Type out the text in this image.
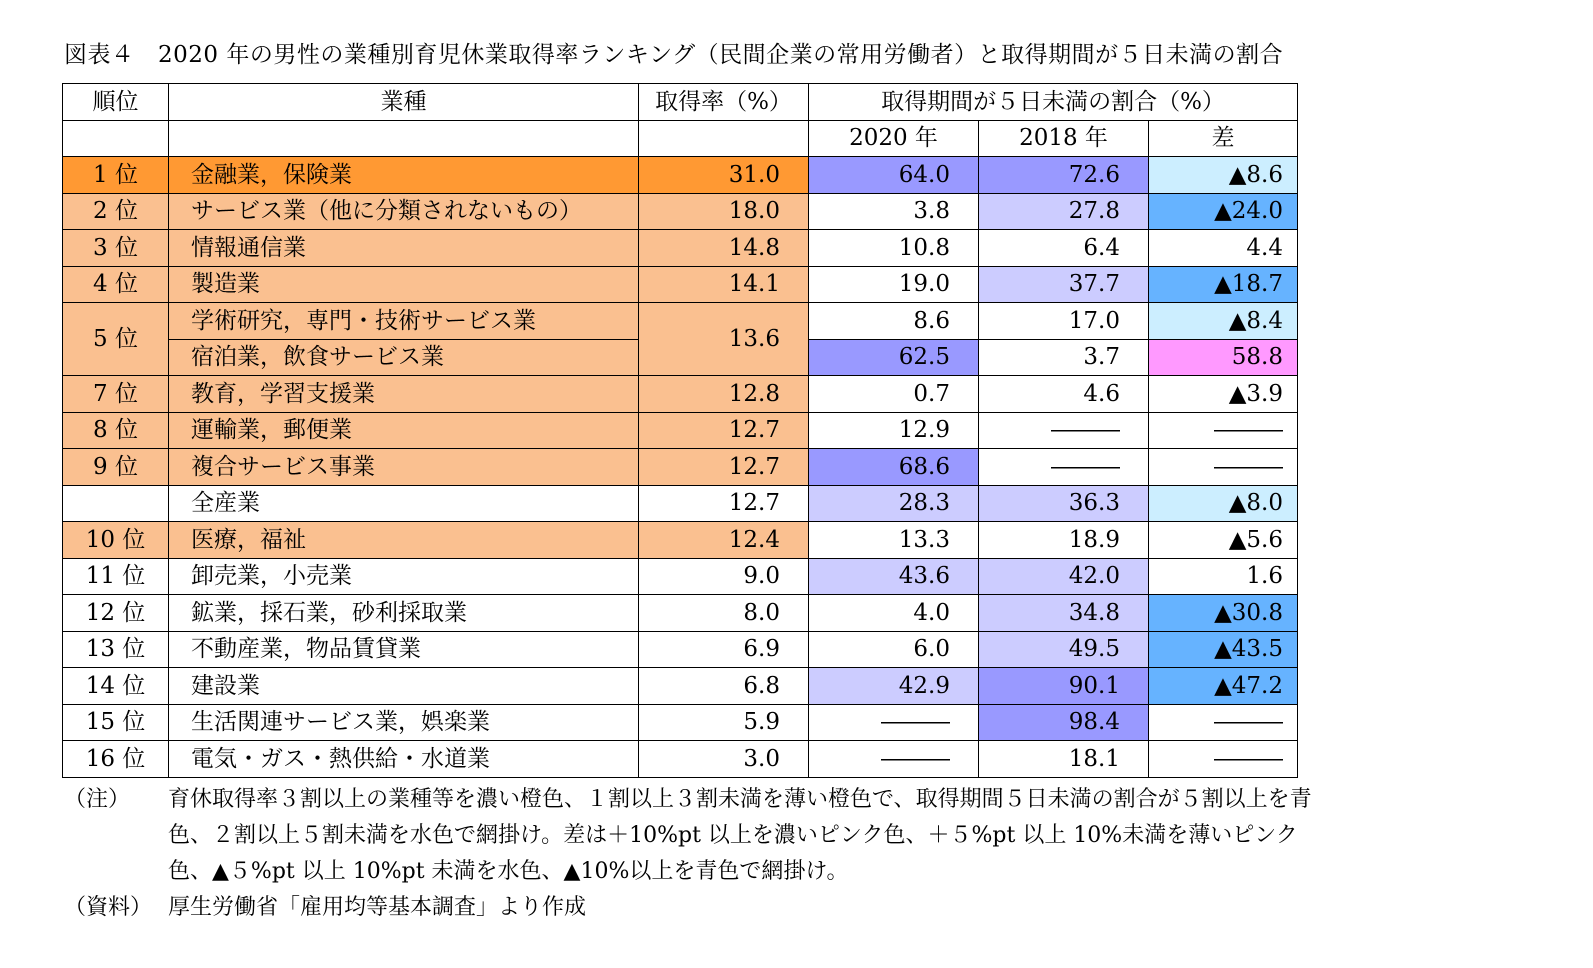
図表４　2020 年の男性の業種別育児休業取得率ランキング（民間企業の常用労働者）と取得期間が５日未満の割合
順位	業種	取得率（%）	取得期間が５日未満の割合（%）		
			2020 年	2018 年	差
1 位	金融業，保険業	31.0	64.0	72.6	▲8.6
2 位	サービス業（他に分類されないもの）	18.0	3.8	27.8	▲24.0
3 位	情報通信業	14.8	10.8	6.4	4.4
4 位	製造業	14.1	19.0	37.7	▲18.7
5 位	学術研究，専門・技術サービス業	13.6	8.6	17.0	▲8.4
	宿泊業，飲食サービス業		62.5	3.7	58.8
7 位	教育，学習支援業	12.8	0.7	4.6	▲3.9
8 位	運輸業，郵便業	12.7	12.9	―――	―――
9 位	複合サービス事業	12.7	68.6	―――	―――
	全産業	12.7	28.3	36.3	▲8.0
10 位	医療，福祉	12.4	13.3	18.9	▲5.6
11 位	卸売業，小売業	9.0	43.6	42.0	1.6
12 位	鉱業，採石業，砂利採取業	8.0	4.0	34.8	▲30.8
13 位	不動産業，物品賃貸業	6.9	6.0	49.5	▲43.5
14 位	建設業	6.8	42.9	90.1	▲47.2
15 位	生活関連サービス業，娯楽業	5.9	―――	98.4	―――
16 位	電気・ガス・熱供給・水道業	3.0	―――	18.1	―――
（注）	育休取得率３割以上の業種等を濃い橙色、１割以上３割未満を薄い橙色で、取得期間５日未満の割合が５割以上を青
色、２割以上５割未満を水色で網掛け。差は＋10%pt 以上を濃いピンク色、＋５%pt 以上 10%未満を薄いピンク
色、▲５%pt 以上 10%pt 未満を水色、▲10%以上を青色で網掛け。
（資料） 厚生労働省「雇用均等基本調査」より作成
